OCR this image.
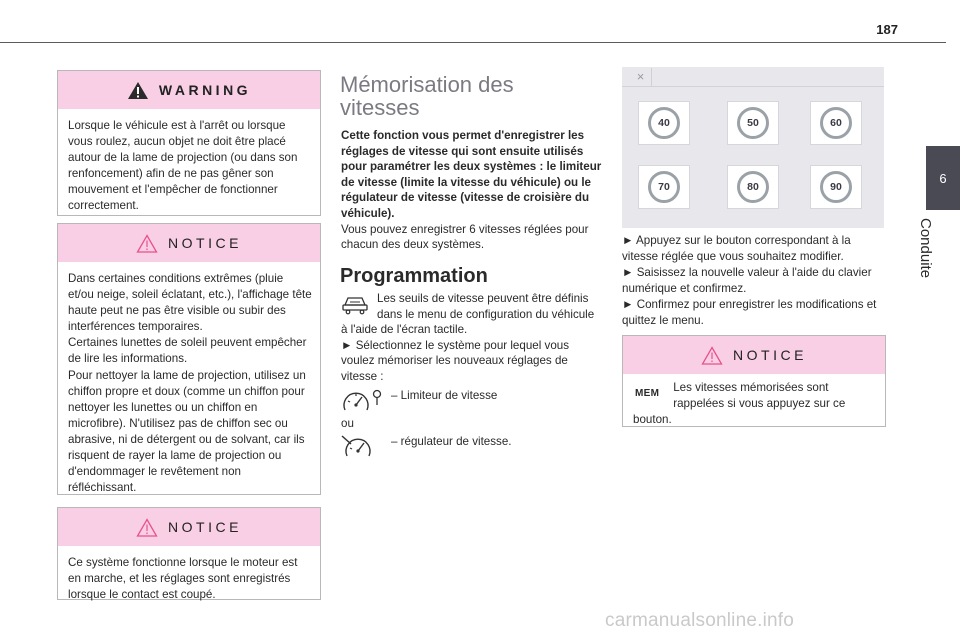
187
6
Conduite
WARNING
Lorsque le véhicule est à l'arrêt ou lorsque vous roulez, aucun objet ne doit être placé autour de la lame de projection (ou dans son renfoncement) afin de ne pas gêner son mouvement et l'empêcher de fonctionner correctement.
NOTICE
Dans certaines conditions extrêmes (pluie et/ou neige, soleil éclatant, etc.), l'affichage tête haute peut ne pas être visible ou subir des interférences temporaires.
Certaines lunettes de soleil peuvent empêcher de lire les informations.
Pour nettoyer la lame de projection, utilisez un chiffon propre et doux (comme un chiffon pour nettoyer les lunettes ou un chiffon en microfibre). N'utilisez pas de chiffon sec ou abrasive, ni de détergent ou de solvant, car ils risquent de rayer la lame de projection ou d'endommager le revêtement non réfléchissant.
NOTICE
Ce système fonctionne lorsque le moteur est en marche, et les réglages sont enregistrés lorsque le contact est coupé.
Mémorisation des vitesses
Cette fonction vous permet d'enregistrer les réglages de vitesse qui sont ensuite utilisés pour paramétrer les deux systèmes : le limiteur de vitesse (limite la vitesse du véhicule) ou le régulateur de vitesse (vitesse de croisière du véhicule).
Vous pouvez enregistrer 6 vitesses réglées pour chacun des deux systèmes.
Programmation
Les seuils de vitesse peuvent être définis dans le menu de configuration du véhicule à l'aide de l'écran tactile.
► Sélectionnez le système pour lequel vous voulez mémoriser les nouveaux réglages de vitesse :
– Limiteur de vitesse
ou
– régulateur de vitesse.
×
40	50	60
70	80	90
► Appuyez sur le bouton correspondant à la vitesse réglée que vous souhaitez modifier.
► Saisissez la nouvelle valeur à l'aide du clavier numérique et confirmez.
► Confirmez pour enregistrer les modifications et quittez le menu.
NOTICE
MEM Les vitesses mémorisées sont rappelées si vous appuyez sur ce bouton.
carmanualsonline.info
